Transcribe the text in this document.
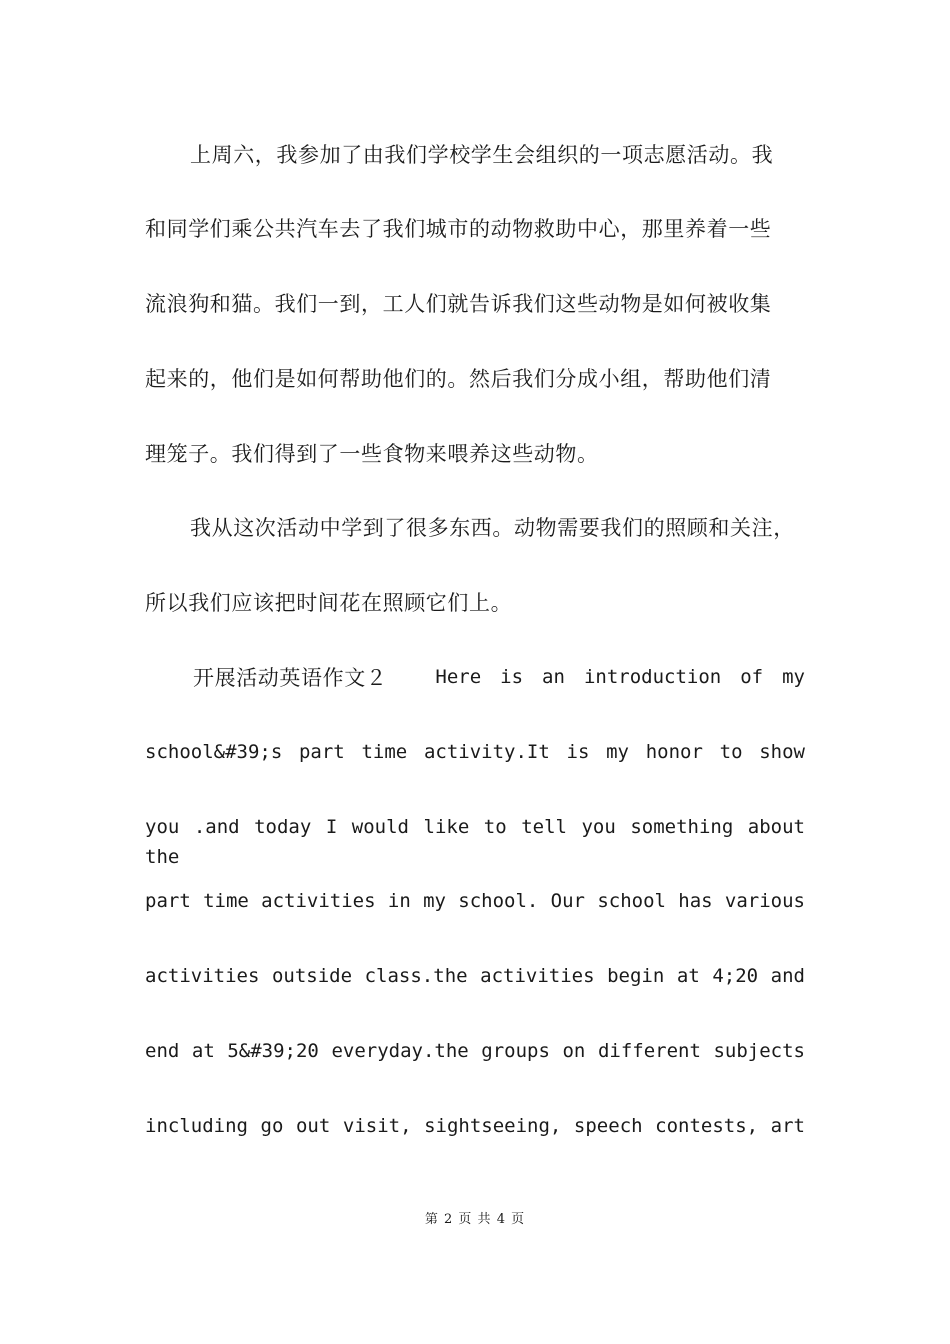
上周六，我参加了由我们学校学生会组织的一项志愿活动。我
和同学们乘公共汽车去了我们城市的动物救助中心，那里养着一些
流浪狗和猫。我们一到，工人们就告诉我们这些动物是如何被收集
起来的，他们是如何帮助他们的。然后我们分成小组，帮助他们清
理笼子。我们得到了一些食物来喂养这些动物。
我从这次活动中学到了很多东西。动物需要我们的照顾和关注，
所以我们应该把时间花在照顾它们上。
开展活动英语作文２	Here is an introduction of my
school&#39;s part time activity.It is my honor to show
you .and today I would like to tell you something about the
part time activities in my school. Our school has various
activities outside class.the activities begin at 4;20 and
end at 5&#39;20 everyday.the groups on different subjects
including go out visit, sightseeing, speech contests, art
第 2 页 共 4 页
